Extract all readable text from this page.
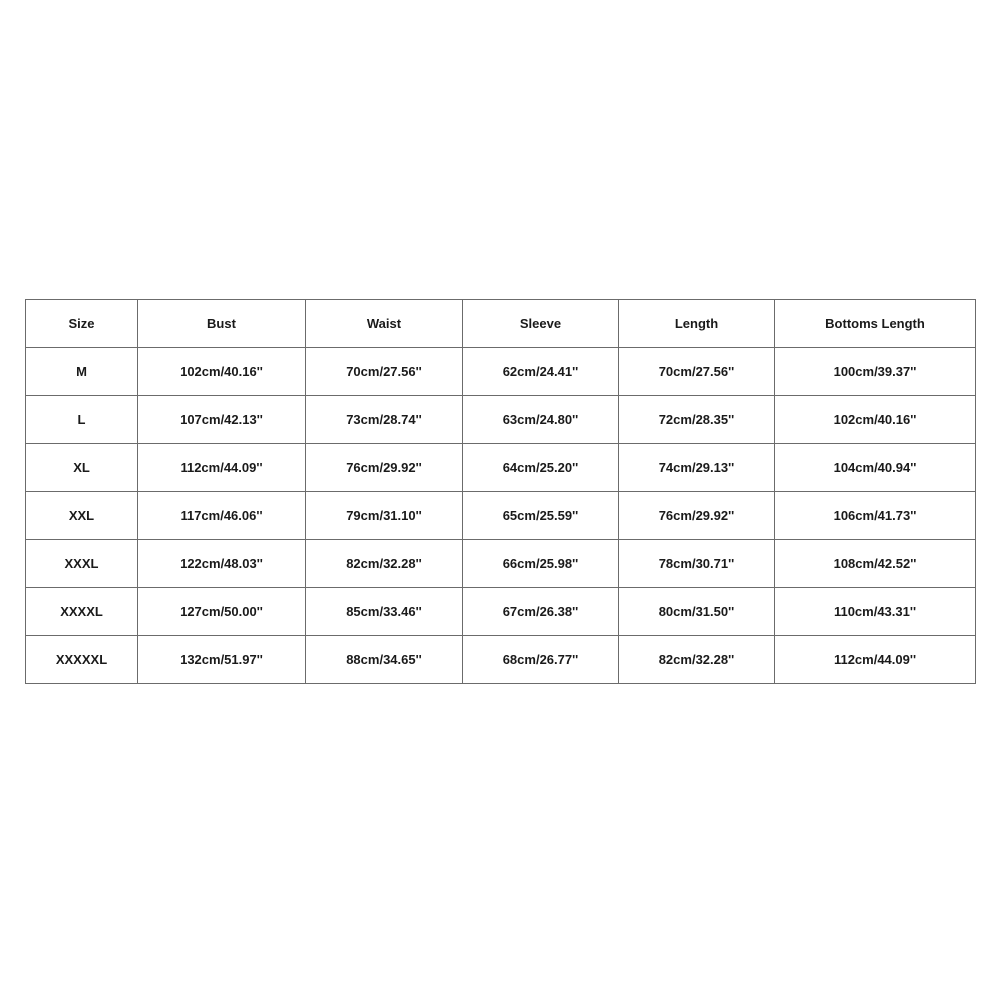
Size	Bust	Waist	Sleeve	Length	Bottoms Length
M	102cm/40.16''	70cm/27.56''	62cm/24.41''	70cm/27.56''	100cm/39.37''
L	107cm/42.13''	73cm/28.74''	63cm/24.80''	72cm/28.35''	102cm/40.16''
XL	112cm/44.09''	76cm/29.92''	64cm/25.20''	74cm/29.13''	104cm/40.94''
XXL	117cm/46.06''	79cm/31.10''	65cm/25.59''	76cm/29.92''	106cm/41.73''
XXXL	122cm/48.03''	82cm/32.28''	66cm/25.98''	78cm/30.71''	108cm/42.52''
XXXXL	127cm/50.00''	85cm/33.46''	67cm/26.38''	80cm/31.50''	110cm/43.31''
XXXXXL	132cm/51.97''	88cm/34.65''	68cm/26.77''	82cm/32.28''	112cm/44.09''
